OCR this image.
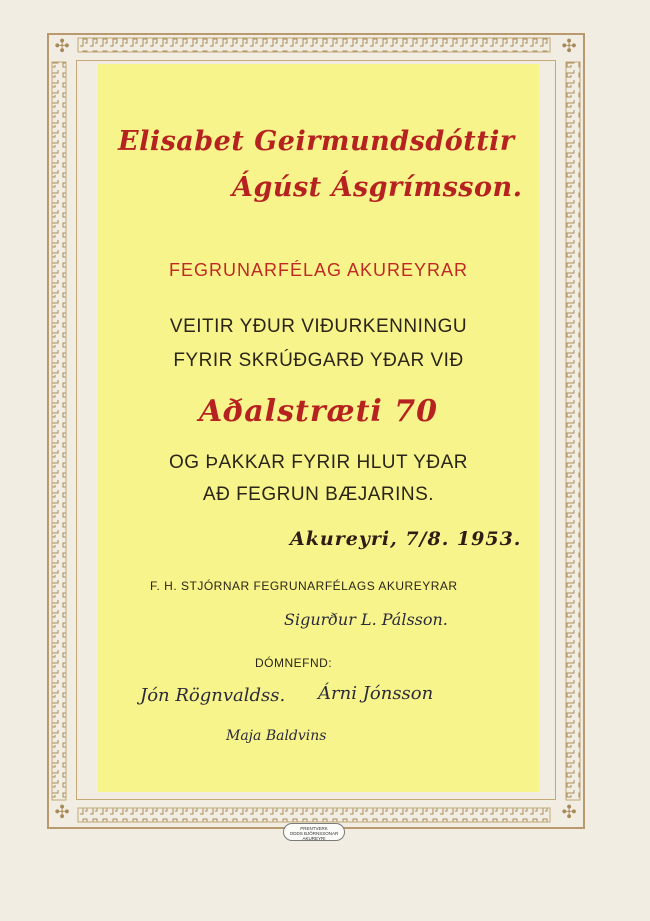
✣	✣
✣	✣
Elisabet Geirmundsdóttir
Ágúst Ásgrímsson.
FEGRUNARFÉLAG AKUREYRAR
VEITIR YÐUR VIÐURKENNINGU
FYRIR SKRÚÐGARÐ YÐAR VIÐ
Aðalstræti 70
OG ÞAKKAR FYRIR HLUT YÐAR
AÐ FEGRUN BÆJARINS.
Akureyri, 7/8. 1953.
F. H. STJÓRNAR FEGRUNARFÉLAGS AKUREYRAR
Sigurður L. Pálsson.
DÓMNEFND:
Jón Rögnvaldss. Árni Jónsson
Maja Baldvins
PRENTVERK
ODDS BJÖRNSSONAR
AKUREYRI
